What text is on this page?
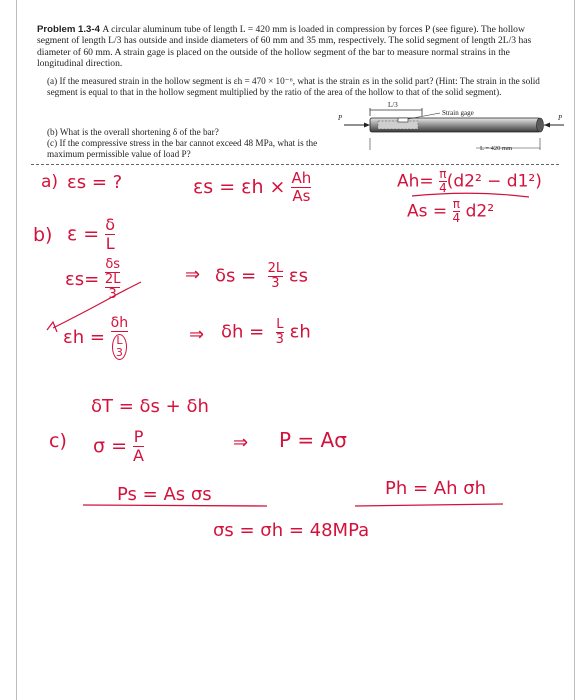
Problem 1.3-4 A circular aluminum tube of length L = 420 mm is loaded in compression by forces P (see figure). The hollow segment of length L/3 has outside and inside diameters of 60 mm and 35 mm, respectively. The solid segment of length 2L/3 has diameter of 60 mm. A strain gage is placed on the outside of the hollow segment of the bar to measure normal strains in the longitudinal direction.
(a) If the measured strain in the hollow segment is εh = 470 × 10⁻⁶, what is the strain εs in the solid part? (Hint: The strain in the solid segment is equal to that in the hollow segment multiplied by the ratio of the area of the hollow to that of the solid segment).
(b) What is the overall shortening δ of the bar?
(c) If the compressive stress in the bar cannot exceed 48 MPa, what is the maximum permissible value of load P?
L/3
Strain gage
P	P
L = 420 mm
a) εs = ?	$\varepsilon s = \varepsilon h \times \frac{Ah}{As}$	$Ah= \frac{\pi}{4} (d2^2 - d1^2)$
$As = \frac{\pi}{4} d2^2$
b) $\varepsilon = \frac{\delta}{L}$
εs=
δs
2L
3
⇒ $\delta s = \frac{2L}{3}$ εs
εh =
δh
L
3
⇒ $\delta h = \frac{L}{3}$ εh
δT = δs + δh
c) $\sigma = \frac{P}{A}$	⇒ P = Aσ
Ps = As σs	Ph = Ah σh
σs = σh = 48MPa
